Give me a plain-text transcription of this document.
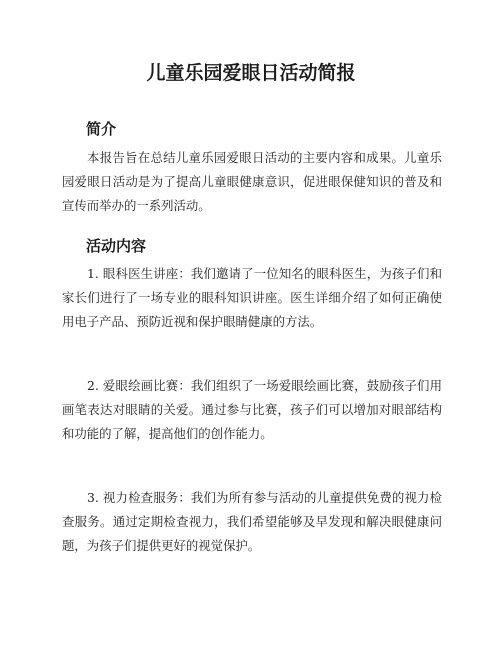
儿童乐园爱眼日活动简报
简介

本报告旨在总结儿童乐园爱眼日活动的主要内容和成果。儿童乐园爱眼日活动是为了提高儿童眼健康意识，促进眼保健知识的普及和宣传而举办的一系列活动。

活动内容

1. 眼科医生讲座：我们邀请了一位知名的眼科医生，为孩子们和家长们进行了一场专业的眼科知识讲座。医生详细介绍了如何正确使用电子产品、预防近视和保护眼睛健康的方法。

2. 爱眼绘画比赛：我们组织了一场爱眼绘画比赛，鼓励孩子们用画笔表达对眼睛的关爱。通过参与比赛，孩子们可以增加对眼部结构和功能的了解，提高他们的创作能力。

3. 视力检查服务：我们为所有参与活动的儿童提供免费的视力检查服务。通过定期检查视力，我们希望能够及早发现和解决眼健康问题，为孩子们提供更好的视觉保护。
